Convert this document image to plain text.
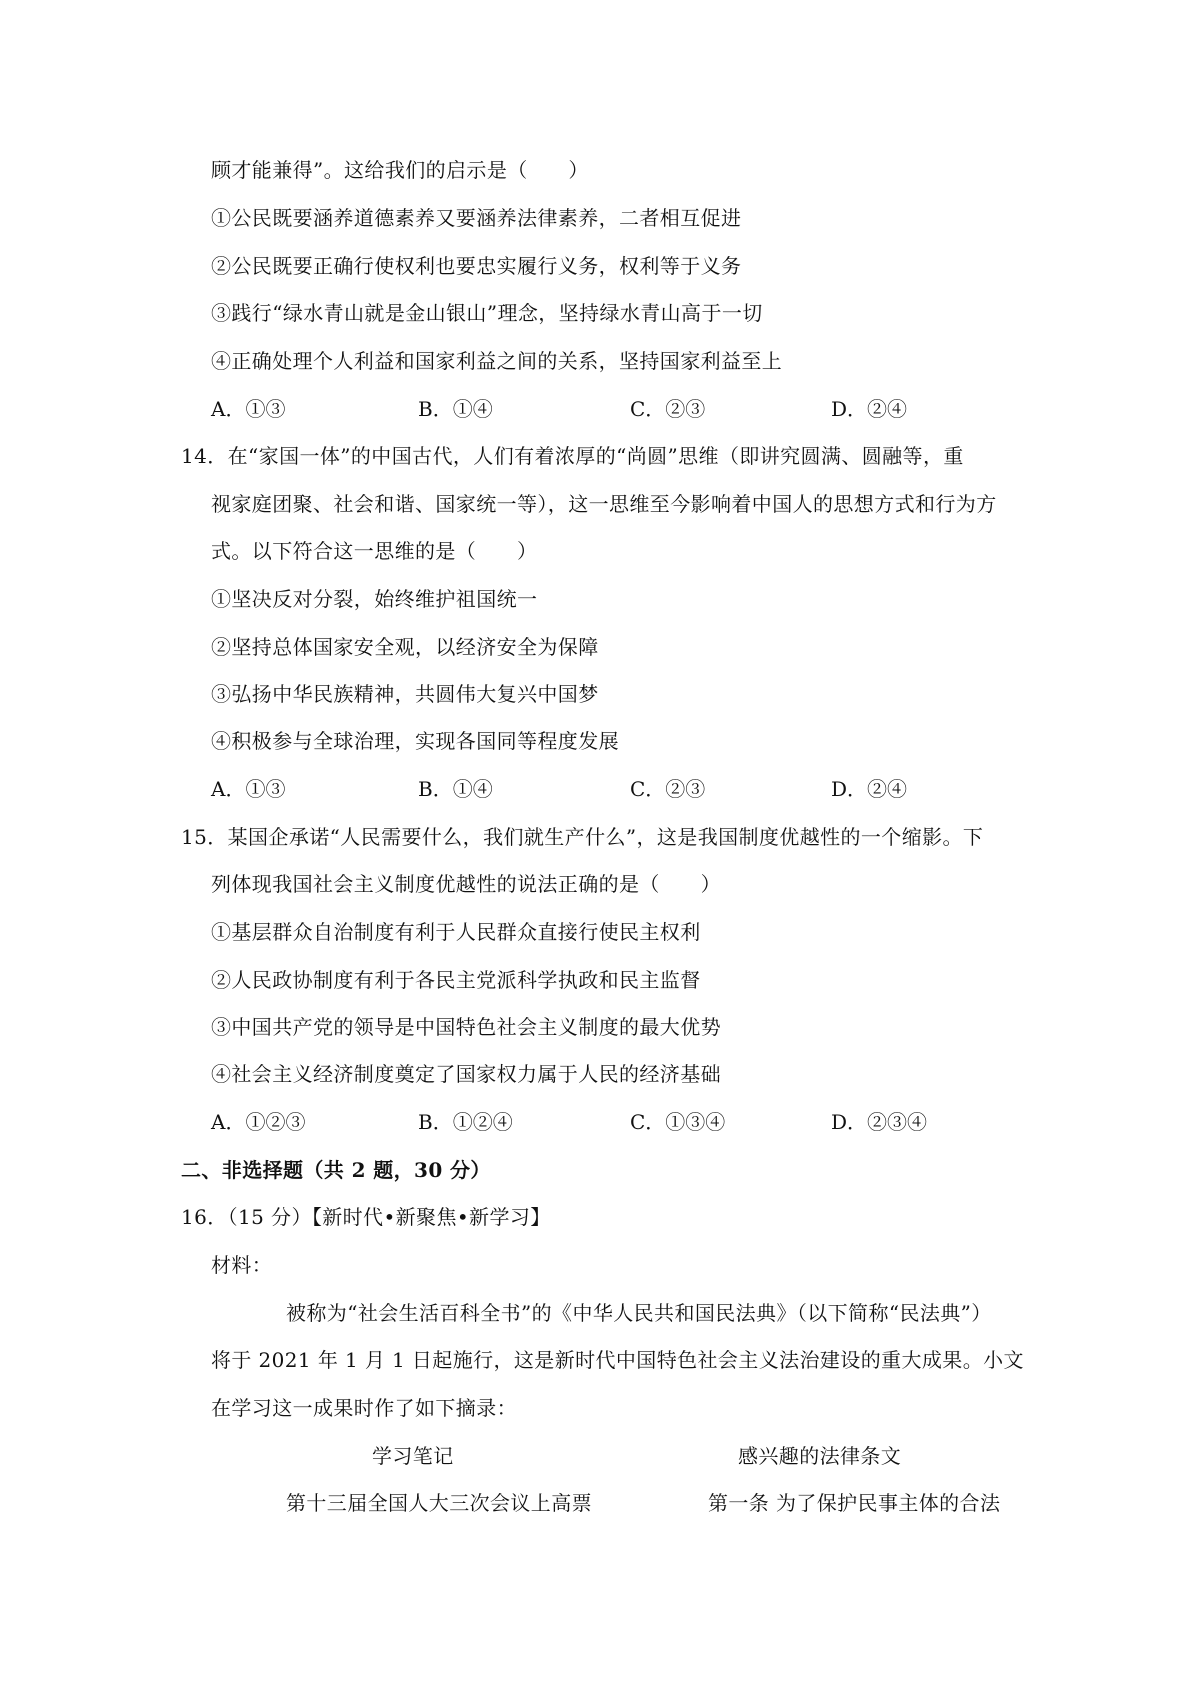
顾才能兼得”。这给我们的启示是（　　）
①公民既要涵养道德素养又要涵养法律素养，二者相互促进
②公民既要正确行使权利也要忠实履行义务，权利等于义务
③践行“绿水青山就是金山银山”理念，坚持绿水青山高于一切
④正确处理个人利益和国家利益之间的关系，坚持国家利益至上
A．①③	B．①④	C．②③	D．②④
14．在“家国一体”的中国古代，人们有着浓厚的“尚圆”思维（即讲究圆满、圆融等，重
视家庭团聚、社会和谐、国家统一等），这一思维至今影响着中国人的思想方式和行为方
式。以下符合这一思维的是（　　）
①坚决反对分裂，始终维护祖国统一
②坚持总体国家安全观，以经济安全为保障
③弘扬中华民族精神，共圆伟大复兴中国梦
④积极参与全球治理，实现各国同等程度发展
A．①③	B．①④	C．②③	D．②④
15．某国企承诺“人民需要什么，我们就生产什么”，这是我国制度优越性的一个缩影。下
列体现我国社会主义制度优越性的说法正确的是（　　）
①基层群众自治制度有利于人民群众直接行使民主权利
②人民政协制度有利于各民主党派科学执政和民主监督
③中国共产党的领导是中国特色社会主义制度的最大优势
④社会主义经济制度奠定了国家权力属于人民的经济基础
A．①②③	B．①②④	C．①③④	D．②③④
二、非选择题（共 2 题，30 分）
16．（15 分）【新时代•新聚焦•新学习】
材料：
被称为“社会生活百科全书”的《中华人民共和国民法典》（以下简称“民法典”）
将于 2021 年 1 月 1 日起施行，这是新时代中国特色社会主义法治建设的重大成果。小文
在学习这一成果时作了如下摘录：
学习笔记	感兴趣的法律条文
第十三届全国人大三次会议上高票	第一条 为了保护民事主体的合法
